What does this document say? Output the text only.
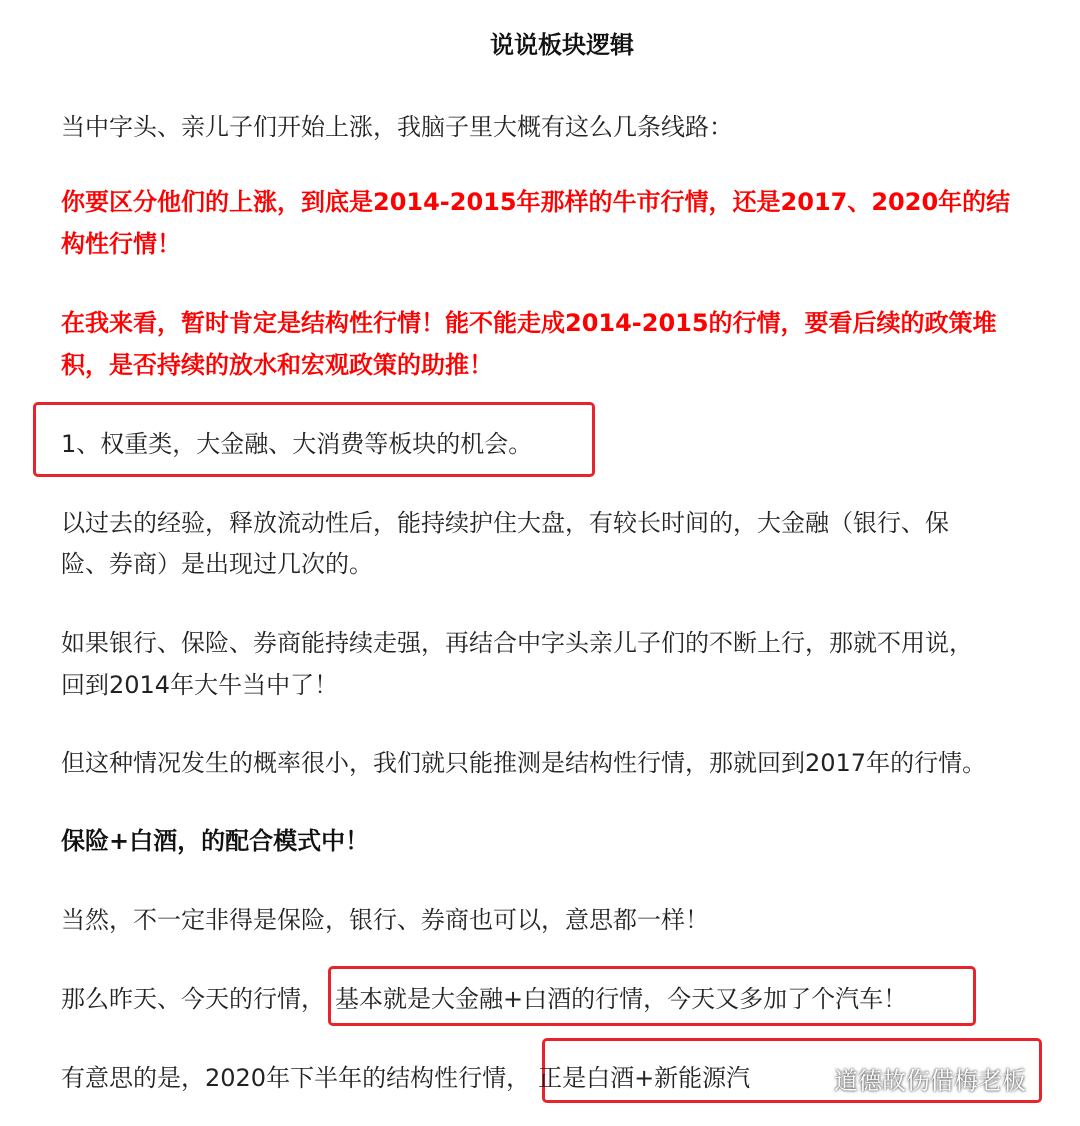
说说板块逻辑
当中字头、亲儿子们开始上涨，我脑子里大概有这么几条线路：
你要区分他们的上涨，到底是2014-2015年那样的牛市行情，还是2017、2020年的结
构性行情！
在我来看，暂时肯定是结构性行情！能不能走成2014-2015的行情，要看后续的政策堆
积，是否持续的放水和宏观政策的助推！
1、权重类，大金融、大消费等板块的机会。
以过去的经验，释放流动性后，能持续护住大盘，有较长时间的，大金融（银行、保
险、券商）是出现过几次的。
如果银行、保险、券商能持续走强，再结合中字头亲儿子们的不断上行，那就不用说，
回到2014年大牛当中了！
但这种情况发生的概率很小，我们就只能推测是结构性行情，那就回到2017年的行情。
保险+白酒，的配合模式中！
当然，不一定非得是保险，银行、券商也可以，意思都一样！
那么昨天、今天的行情， 基本就是大金融+白酒的行情，今天又多加了个汽车！
有意思的是，2020年下半年的结构性行情， 正是白酒+新能源汽	道德故伤借梅老板
